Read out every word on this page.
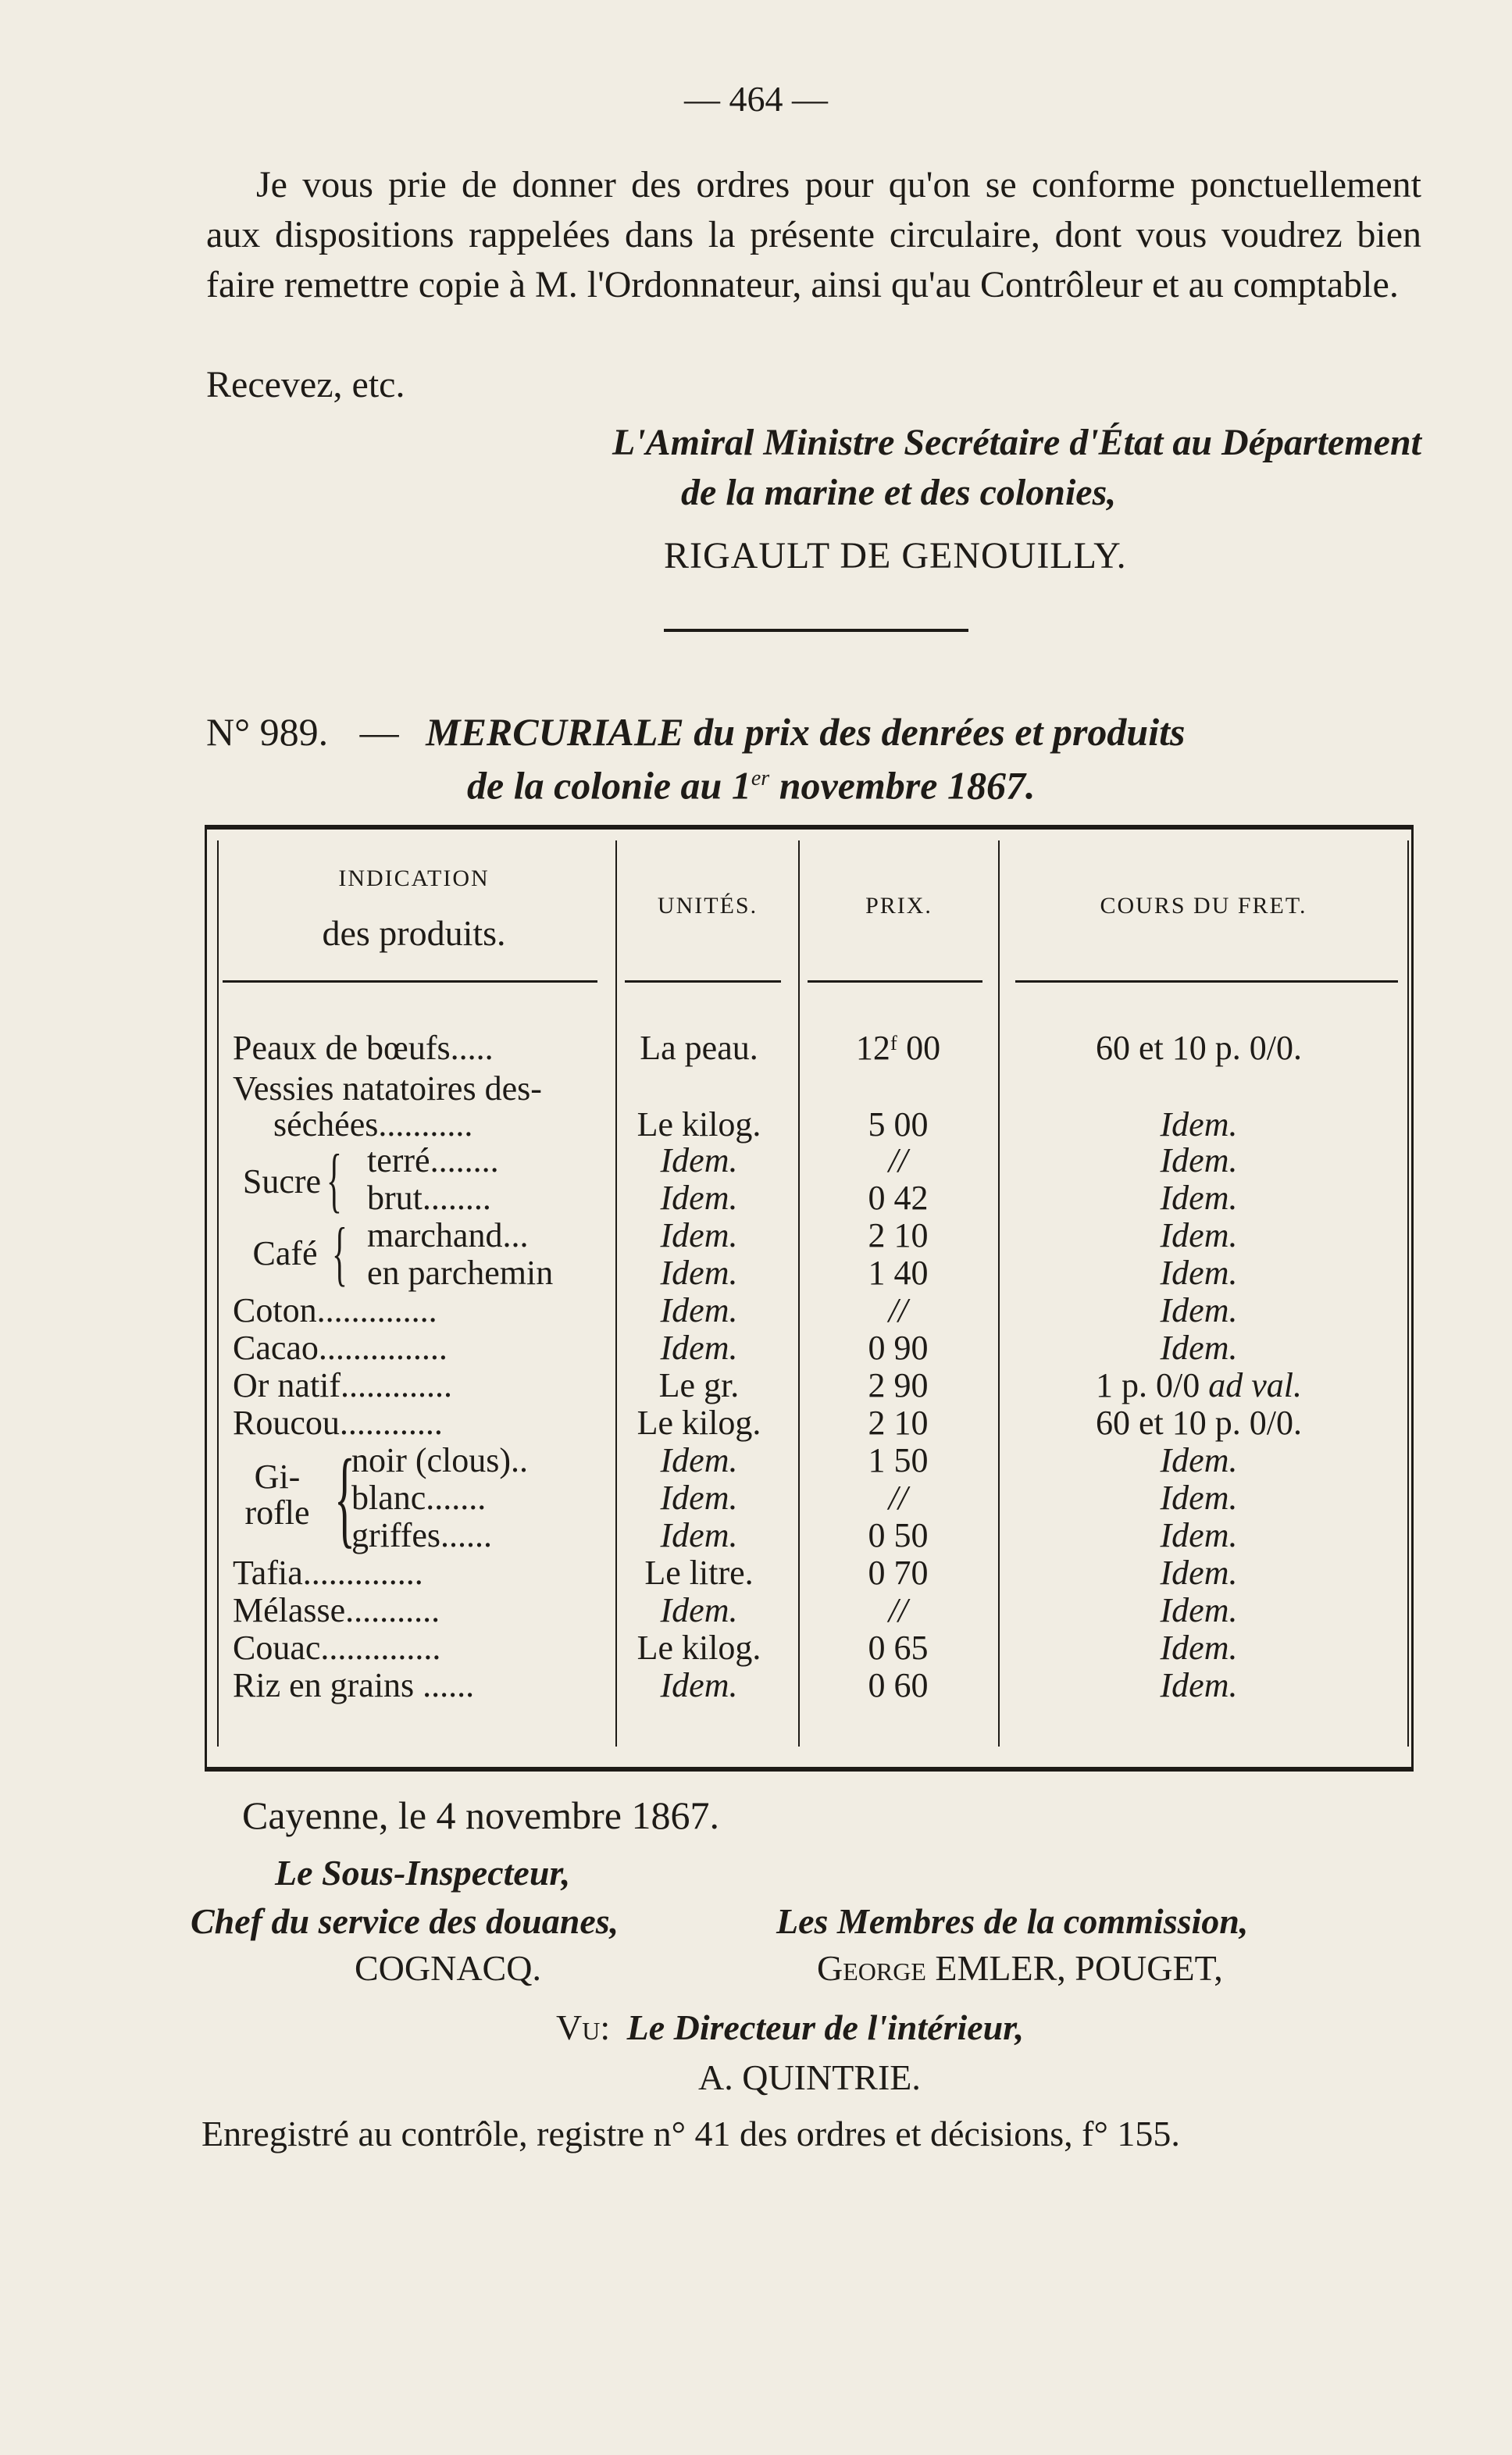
— 464 —
Je vous prie de donner des ordres pour qu'on se conforme ponctuellement aux dispositions rappelées dans la présente circulaire, dont vous voudrez bien faire remettre copie à M. l'Ordonnateur, ainsi qu'au Contrôleur et au comptable.
Recevez, etc.
L'Amiral Ministre Secrétaire d'État au Département
de la marine et des colonies,
RIGAULT DE GENOUILLY.
N° 989. — MERCURIALE du prix des denrées et produits
de la colonie au 1er novembre 1867.
INDICATION
des produits.
UNITÉS.	PRIX.	COURS DU FRET.
Peaux de bœufs.....	La peau.	12ᶠ 00	60 et 10 p. 0/0.
Vessies natatoires des-
séchées...........	Le kilog.	5 00	Idem.
Sucre { terré........	Idem.	//	Idem.
brut........	Idem.	0 42	Idem.
Café { marchand...	Idem.	2 10	Idem.
en parchemin	Idem.	1 40	Idem.
Coton..............	Idem.	//	Idem.
Cacao...............	Idem.	0 90	Idem.
Or natif.............	Le gr.	2 90	1 p. 0/0 ad val.
Roucou............	Le kilog.	2 10	60 et 10 p. 0/0.
Gi-
rofle {
noir (clous)..	Idem.	1 50	Idem.
blanc.......	Idem.	//	Idem.
griffes......	Idem.	0 50	Idem.
Tafia..............	Le litre.	0 70	Idem.
Mélasse...........	Idem.	//	Idem.
Couac..............	Le kilog.	0 65	Idem.
Riz en grains ......	Idem.	0 60	Idem.
Cayenne, le 4 novembre 1867.
Le Sous-Inspecteur,
Chef du service des douanes,
COGNACQ.
Les Membres de la commission,
George EMLER, POUGET,
Vu: Le Directeur de l'intérieur,
A. QUINTRIE.
Enregistré au contrôle, registre n° 41 des ordres et décisions, f° 155.
